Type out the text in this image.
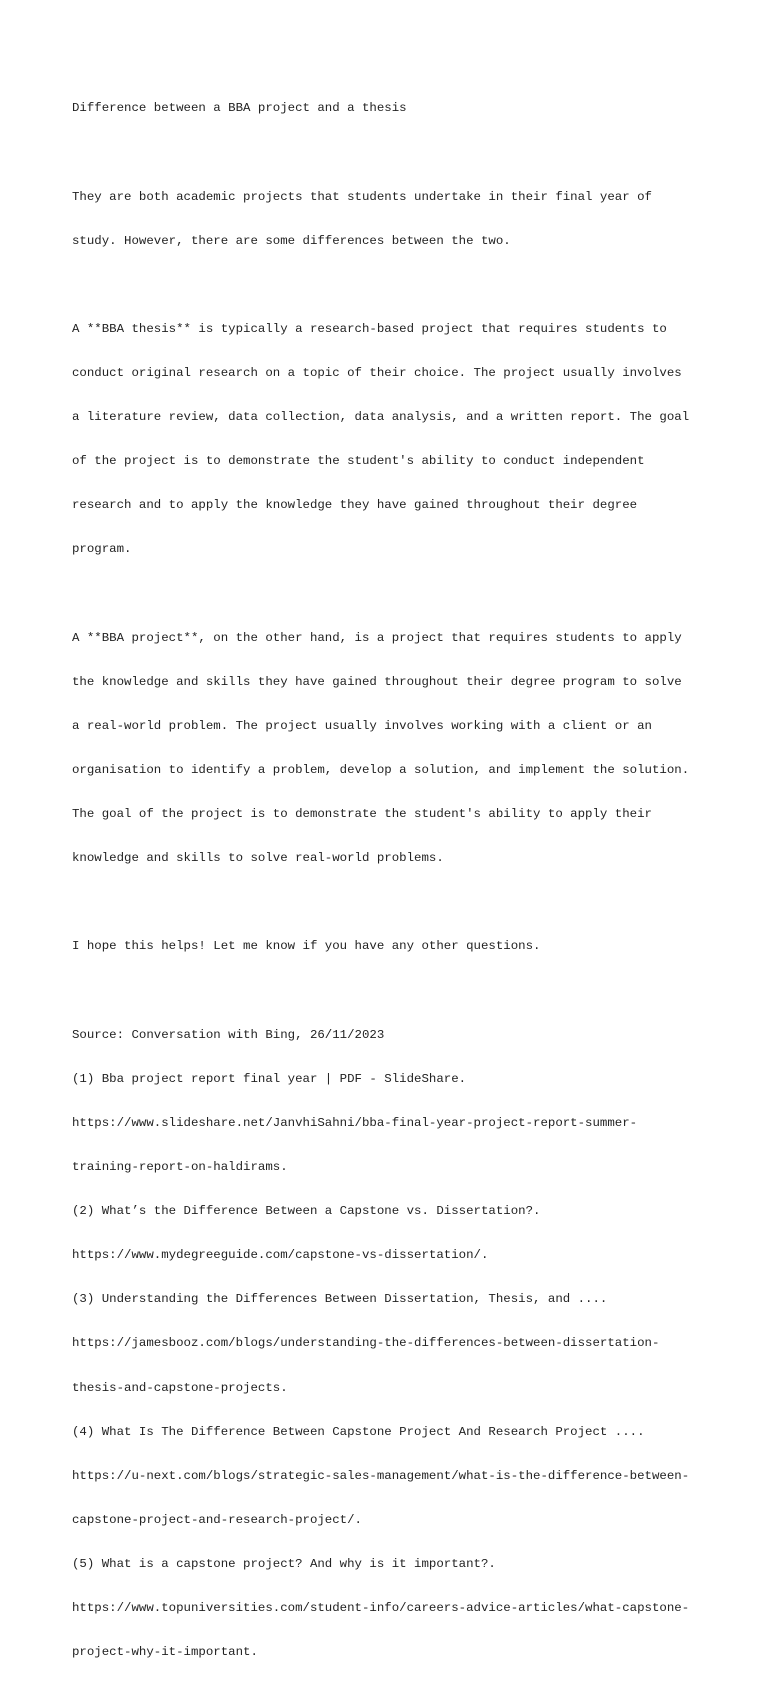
Difference between a BBA project and a thesis

They are both academic projects that students undertake in their final year of

study. However, there are some differences between the two.

A **BBA thesis** is typically a research-based project that requires students to

conduct original research on a topic of their choice. The project usually involves

a literature review, data collection, data analysis, and a written report. The goal

of the project is to demonstrate the student's ability to conduct independent

research and to apply the knowledge they have gained throughout their degree

program.

A **BBA project**, on the other hand, is a project that requires students to apply

the knowledge and skills they have gained throughout their degree program to solve

a real-world problem. The project usually involves working with a client or an

organisation to identify a problem, develop a solution, and implement the solution.

The goal of the project is to demonstrate the student's ability to apply their

knowledge and skills to solve real-world problems.

I hope this helps! Let me know if you have any other questions.

Source: Conversation with Bing, 26/11/2023

(1) Bba project report final year | PDF - SlideShare.

https://www.slideshare.net/JanvhiSahni/bba-final-year-project-report-summer-

training-report-on-haldirams.

(2) What’s the Difference Between a Capstone vs. Dissertation?.

https://www.mydegreeguide.com/capstone-vs-dissertation/.

(3) Understanding the Differences Between Dissertation, Thesis, and ....

https://jamesbooz.com/blogs/understanding-the-differences-between-dissertation-

thesis-and-capstone-projects.

(4) What Is The Difference Between Capstone Project And Research Project ....

https://u-next.com/blogs/strategic-sales-management/what-is-the-difference-between-

capstone-project-and-research-project/.

(5) What is a capstone project? And why is it important?.

https://www.topuniversities.com/student-info/careers-advice-articles/what-capstone-

project-why-it-important.
